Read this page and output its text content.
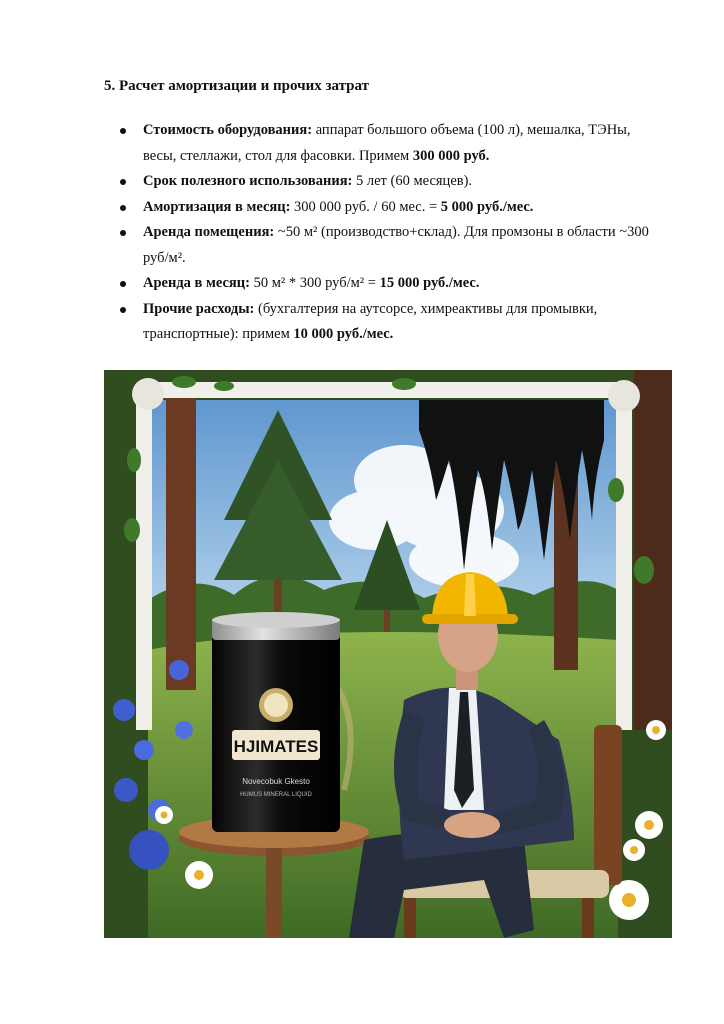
5. Расчет амортизации и прочих затрат
Стоимость оборудования: аппарат большого объема (100 л), мешалка, ТЭНы, весы, стеллажи, стол для фасовки. Примем 300 000 руб.
Срок полезного использования: 5 лет (60 месяцев).
Амортизация в месяц: 300 000 руб. / 60 мес. = 5 000 руб./мес.
Аренда помещения: ~50 м² (производство+склад). Для промзоны в области ~300 руб/м².
Аренда в месяц: 50 м² * 300 руб/м² = 15 000 руб./мес.
Прочие расходы: (бухгалтерия на аутсорсе, химреактивы для промывки, транспортные): примем 10 000 руб./мес.
HJIMATES
Novecobuk Gkesto
HUMUS MINERAL LIQUID
